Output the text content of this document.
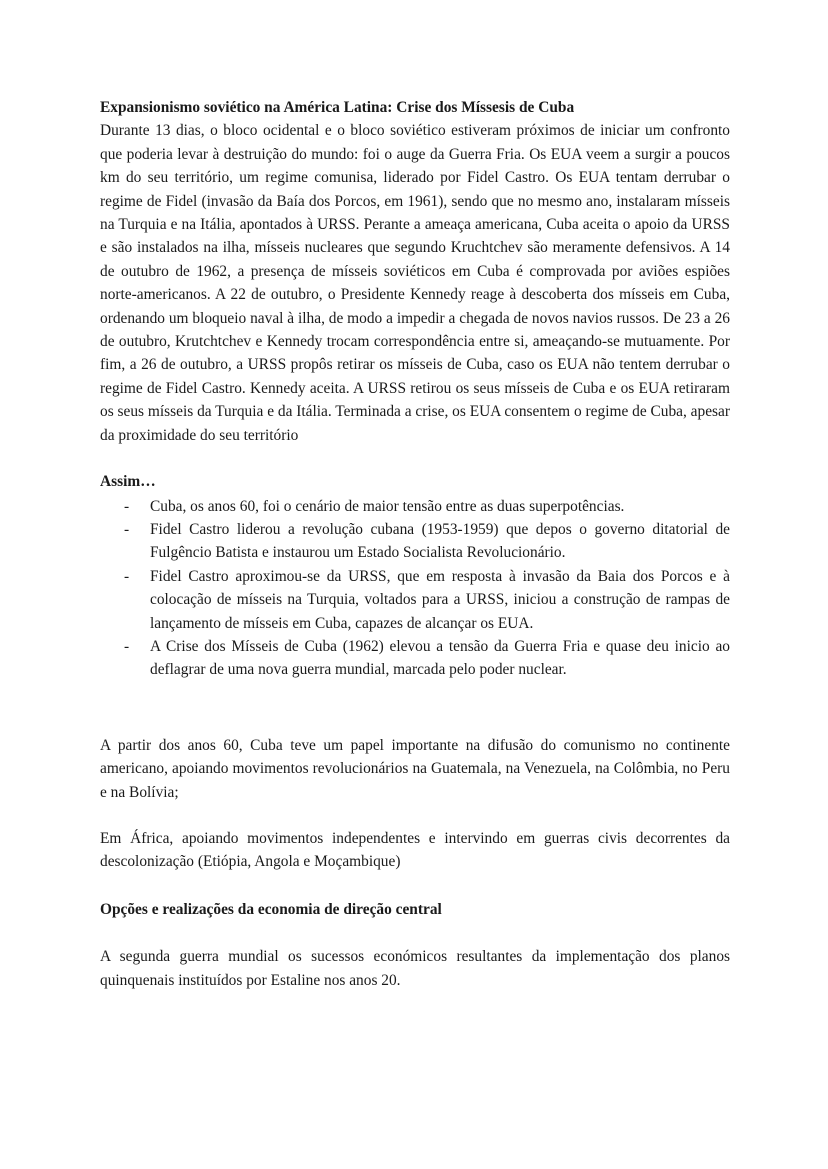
Expansionismo soviético na América Latina: Crise dos Míssesis de Cuba

Durante 13 dias, o bloco ocidental e o bloco soviético estiveram próximos de iniciar um confronto que poderia levar à destruição do mundo: foi o auge da Guerra Fria. Os EUA veem a surgir a poucos km do seu território, um regime comunisa, liderado por Fidel Castro. Os EUA tentam derrubar o regime de Fidel (invasão da Baía dos Porcos, em 1961), sendo que no mesmo ano, instalaram mísseis na Turquia e na Itália, apontados à URSS. Perante a ameaça americana, Cuba aceita o apoio da URSS e são instalados na ilha, mísseis nucleares que segundo Kruchtchev são meramente defensivos. A 14 de outubro de 1962, a presença de mísseis soviéticos em Cuba é comprovada por aviões espiões norte-americanos. A 22 de outubro, o Presidente Kennedy reage à descoberta dos mísseis em Cuba, ordenando um bloqueio naval à ilha, de modo a impedir a chegada de novos navios russos. De 23 a 26 de outubro, Krutchtchev e Kennedy trocam correspondência entre si, ameaçando-se mutuamente. Por fim, a 26 de outubro, a URSS propôs retirar os mísseis de Cuba, caso os EUA não tentem derrubar o regime de Fidel Castro. Kennedy aceita. A URSS retirou os seus mísseis de Cuba e os EUA retiraram os seus mísseis da Turquia e da Itália. Terminada a crise, os EUA consentem o regime de Cuba, apesar da proximidade do seu território

Assim…
- Cuba, os anos 60, foi o cenário de maior tensão entre as duas superpotências.
- Fidel Castro liderou a revolução cubana (1953-1959) que depos o governo ditatorial de Fulgêncio Batista e instaurou um Estado Socialista Revolucionário.
- Fidel Castro aproximou-se da URSS, que em resposta à invasão da Baia dos Porcos e à colocação de mísseis na Turquia, voltados para a URSS, iniciou a construção de rampas de lançamento de mísseis em Cuba, capazes de alcançar os EUA.
- A Crise dos Mísseis de Cuba (1962) elevou a tensão da Guerra Fria e quase deu inicio ao deflagrar de uma nova guerra mundial, marcada pelo poder nuclear.

A partir dos anos 60, Cuba teve um papel importante na difusão do comunismo no continente americano, apoiando movimentos revolucionários na Guatemala, na Venezuela, na Colômbia, no Peru e na Bolívia;

Em África, apoiando movimentos independentes e intervindo em guerras civis decorrentes da descolonização (Etiópia, Angola e Moçambique)

Opções e realizações da economia de direção central

A segunda guerra mundial os sucessos económicos resultantes da implementação dos planos quinquenais instituídos por Estaline nos anos 20.
